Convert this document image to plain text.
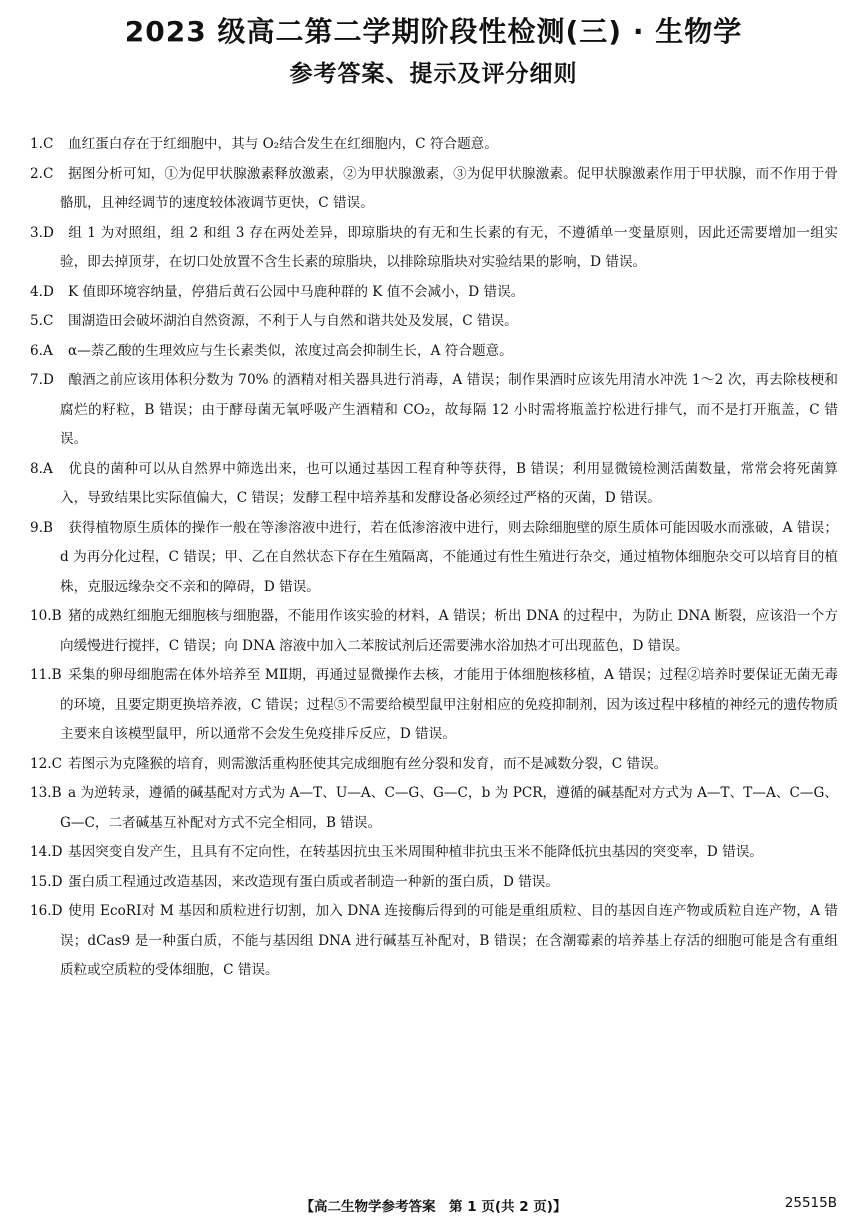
2023 级高二第二学期阶段性检测(三) · 生物学
参考答案、提示及评分细则

1.C 血红蛋白存在于红细胞中，其与 O₂结合发生在红细胞内，C 符合题意。

2.C 据图分析可知，①为促甲状腺激素释放激素，②为甲状腺激素，③为促甲状腺激素。促甲状腺激素作用于甲状腺，而不作用于骨骼肌，且神经调节的速度较体液调节更快，C 错误。

3.D 组 1 为对照组，组 2 和组 3 存在两处差异，即琼脂块的有无和生长素的有无，不遵循单一变量原则，因此还需要增加一组实验，即去掉顶芽，在切口处放置不含生长素的琼脂块，以排除琼脂块对实验结果的影响，D 错误。

4.D K 值即环境容纳量，停猎后黄石公园中马鹿种群的 K 值不会减小，D 错误。

5.C 围湖造田会破坏湖泊自然资源，不利于人与自然和谐共处及发展，C 错误。

6.A α—萘乙酸的生理效应与生长素类似，浓度过高会抑制生长，A 符合题意。

7.D 酿酒之前应该用体积分数为 70% 的酒精对相关器具进行消毒，A 错误；制作果酒时应该先用清水冲洗 1～2 次，再去除枝梗和腐烂的籽粒，B 错误；由于酵母菌无氧呼吸产生酒精和 CO₂，故每隔 12 小时需将瓶盖拧松进行排气，而不是打开瓶盖，C 错误。

8.A 优良的菌种可以从自然界中筛选出来，也可以通过基因工程育种等获得，B 错误；利用显微镜检测活菌数量，常常会将死菌算入，导致结果比实际值偏大，C 错误；发酵工程中培养基和发酵设备必须经过严格的灭菌，D 错误。

9.B 获得植物原生质体的操作一般在等渗溶液中进行，若在低渗溶液中进行，则去除细胞壁的原生质体可能因吸水而涨破，A 错误；d 为再分化过程，C 错误；甲、乙在自然状态下存在生殖隔离，不能通过有性生殖进行杂交，通过植物体细胞杂交可以培育目的植株，克服远缘杂交不亲和的障碍，D 错误。

10.B 猪的成熟红细胞无细胞核与细胞器，不能用作该实验的材料，A 错误；析出 DNA 的过程中，为防止 DNA 断裂，应该沿一个方向缓慢进行搅拌，C 错误；向 DNA 溶液中加入二苯胺试剂后还需要沸水浴加热才可出现蓝色，D 错误。

11.B 采集的卵母细胞需在体外培养至 MⅡ期，再通过显微操作去核，才能用于体细胞核移植，A 错误；过程②培养时要保证无菌无毒的环境，且要定期更换培养液，C 错误；过程⑤不需要给模型鼠甲注射相应的免疫抑制剂，因为该过程中移植的神经元的遗传物质主要来自该模型鼠甲，所以通常不会发生免疫排斥反应，D 错误。

12.C 若图示为克隆猴的培育，则需激活重构胚使其完成细胞有丝分裂和发育，而不是减数分裂，C 错误。

13.B a 为逆转录，遵循的碱基配对方式为 A—T、U—A、C—G、G—C，b 为 PCR，遵循的碱基配对方式为 A—T、T—A、C—G、G—C，二者碱基互补配对方式不完全相同，B 错误。

14.D 基因突变自发产生，且具有不定向性，在转基因抗虫玉米周围种植非抗虫玉米不能降低抗虫基因的突变率，D 错误。

15.D 蛋白质工程通过改造基因，来改造现有蛋白质或者制造一种新的蛋白质，D 错误。

16.D 使用 EcoRⅠ对 M 基因和质粒进行切割，加入 DNA 连接酶后得到的可能是重组质粒、目的基因自连产物或质粒自连产物，A 错误；dCas9 是一种蛋白质，不能与基因组 DNA 进行碱基互补配对，B 错误；在含潮霉素的培养基上存活的细胞可能是含有重组质粒或空质粒的受体细胞，C 错误。

【高二生物学参考答案　第 1 页(共 2 页)】	25515B
